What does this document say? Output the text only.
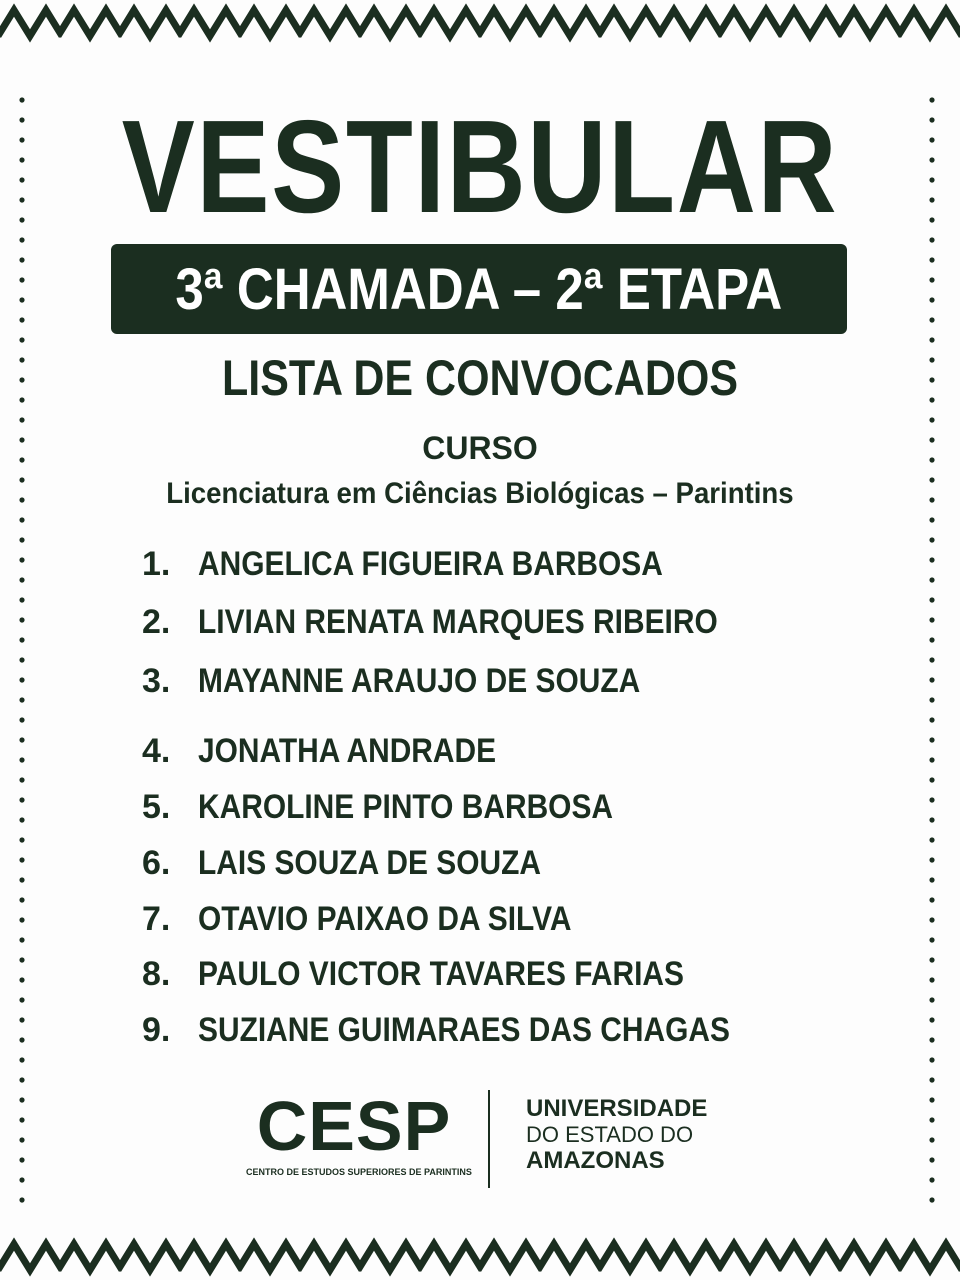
VESTIBULAR
3ª CHAMADA – 2ª ETAPA
LISTA DE CONVOCADOS
CURSO
Licenciatura em Ciências Biológicas – Parintins
1. ANGELICA FIGUEIRA BARBOSA
2. LIVIAN RENATA MARQUES RIBEIRO
3. MAYANNE ARAUJO DE SOUZA
4. JONATHA ANDRADE
5. KAROLINE PINTO BARBOSA
6. LAIS SOUZA DE SOUZA
7. OTAVIO PAIXAO DA SILVA
8. PAULO VICTOR TAVARES FARIAS
9. SUZIANE GUIMARAES DAS CHAGAS
CESP
CENTRO DE ESTUDOS SUPERIORES DE PARINTINS
UNIVERSIDADE
DO ESTADO DO
AMAZONAS
